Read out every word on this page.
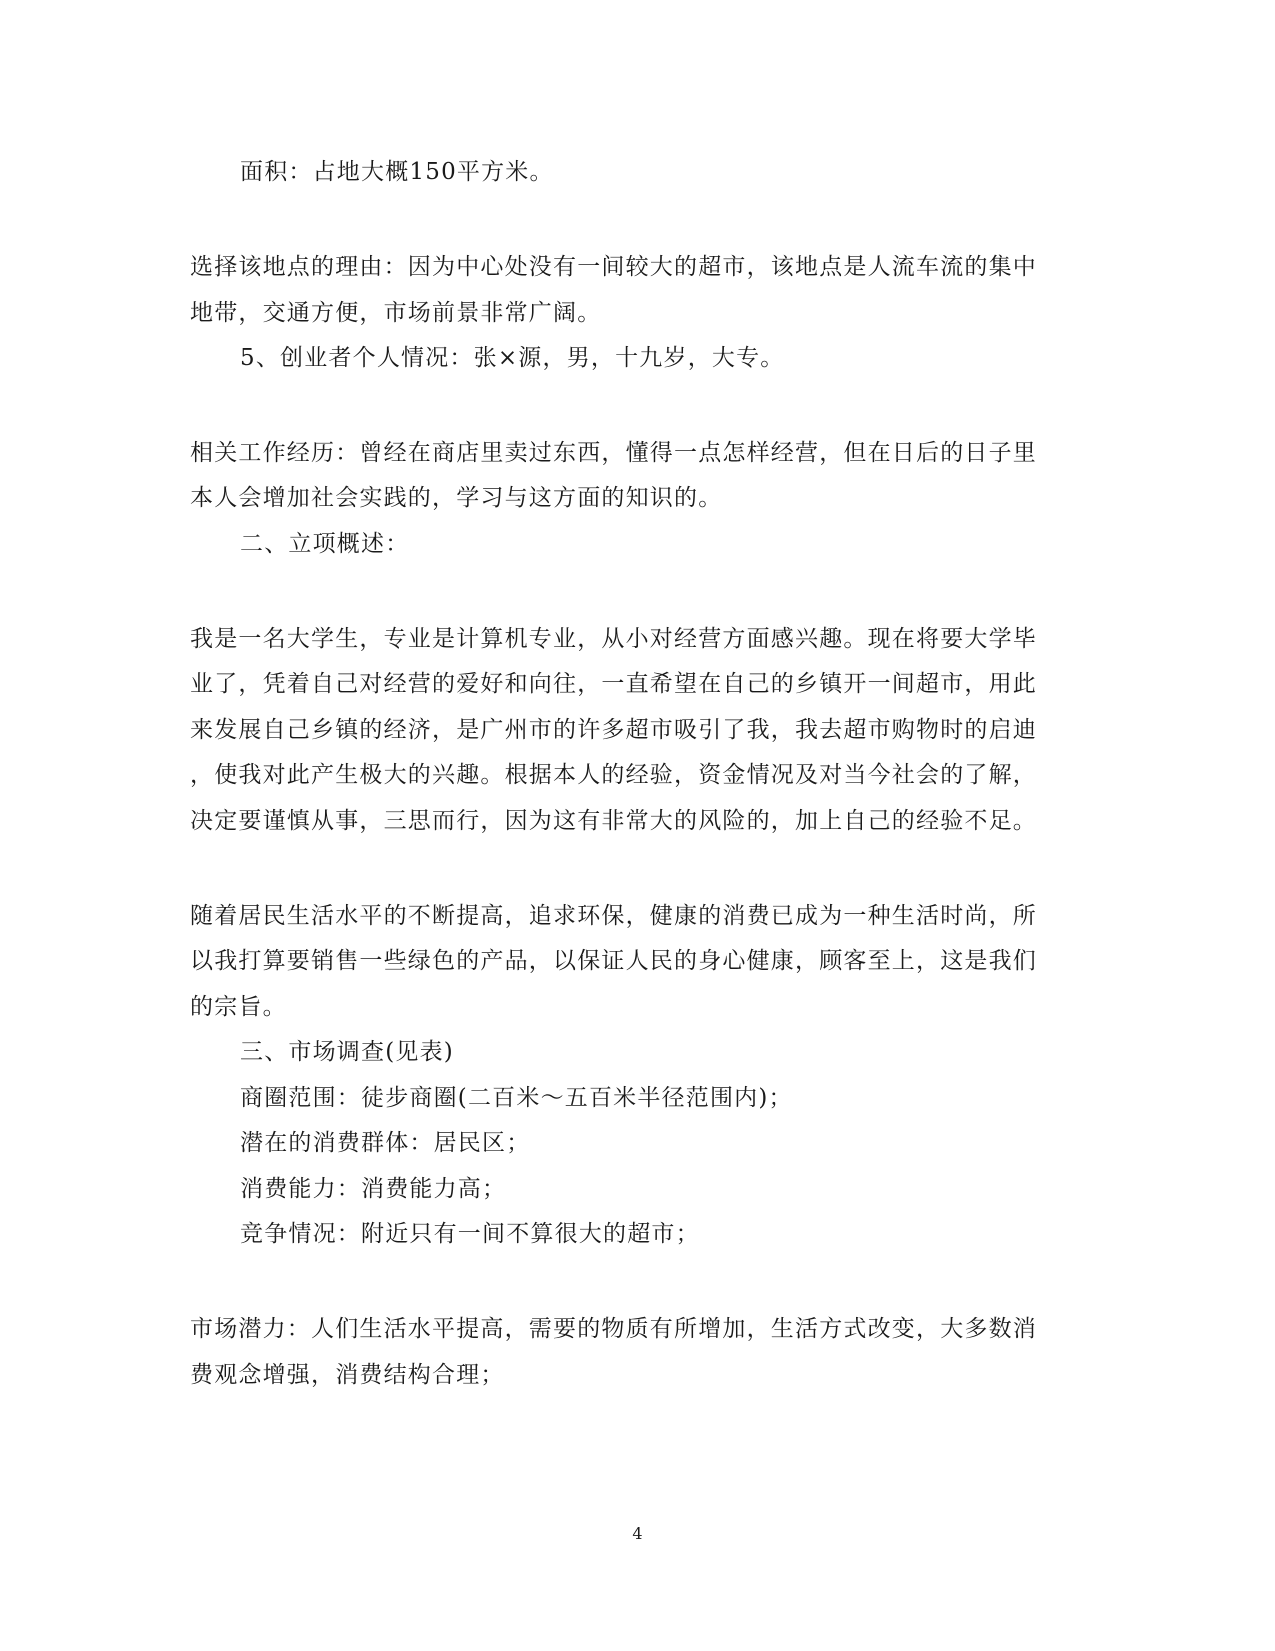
面积：占地大概150平方米。
选择该地点的理由：因为中心处没有一间较大的超市，该地点是人流车流的集中
地带，交通方便，市场前景非常广阔。
5、创业者个人情况：张×源，男，十九岁，大专。
相关工作经历：曾经在商店里卖过东西，懂得一点怎样经营，但在日后的日子里
本人会增加社会实践的，学习与这方面的知识的。
二、立项概述：
我是一名大学生，专业是计算机专业，从小对经营方面感兴趣。现在将要大学毕
业了，凭着自己对经营的爱好和向往，一直希望在自己的乡镇开一间超市，用此
来发展自己乡镇的经济，是广州市的许多超市吸引了我，我去超市购物时的启迪
，使我对此产生极大的兴趣。根据本人的经验，资金情况及对当今社会的了解，
决定要谨慎从事，三思而行，因为这有非常大的风险的，加上自己的经验不足。
随着居民生活水平的不断提高，追求环保，健康的消费已成为一种生活时尚，所
以我打算要销售一些绿色的产品，以保证人民的身心健康，顾客至上，这是我们
的宗旨。
三、市场调查(见表)
商圈范围：徒步商圈(二百米～五百米半径范围内)；
潜在的消费群体：居民区；
消费能力：消费能力高；
竞争情况：附近只有一间不算很大的超市；
市场潜力：人们生活水平提高，需要的物质有所增加，生活方式改变，大多数消
费观念增强，消费结构合理；
4
